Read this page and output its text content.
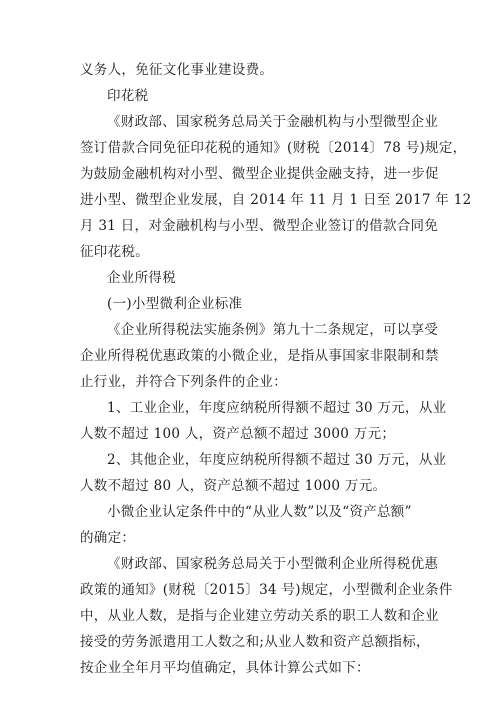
义务人，免征文化事业建设费。
印花税
《财政部、国家税务总局关于金融机构与小型微型企业
签订借款合同免征印花税的通知》(财税〔2014〕78 号)规定，
为鼓励金融机构对小型、微型企业提供金融支持，进一步促
进小型、微型企业发展，自 2014 年 11 月 1 日至 2017 年 12
月 31 日，对金融机构与小型、微型企业签订的借款合同免
征印花税。
企业所得税
(一)小型微利企业标准
《企业所得税法实施条例》第九十二条规定，可以享受
企业所得税优惠政策的小微企业，是指从事国家非限制和禁
止行业，并符合下列条件的企业：
1、工业企业，年度应纳税所得额不超过 30 万元，从业
人数不超过 100 人，资产总额不超过 3000 万元；
2、其他企业，年度应纳税所得额不超过 30 万元，从业
人数不超过 80 人，资产总额不超过 1000 万元。
小微企业认定条件中的“从业人数”以及“资产总额”
的确定：
《财政部、国家税务总局关于小型微利企业所得税优惠
政策的通知》(财税〔2015〕34 号)规定，小型微利企业条件
中，从业人数，是指与企业建立劳动关系的职工人数和企业
接受的劳务派遣用工人数之和;从业人数和资产总额指标，
按企业全年月平均值确定，具体计算公式如下：
